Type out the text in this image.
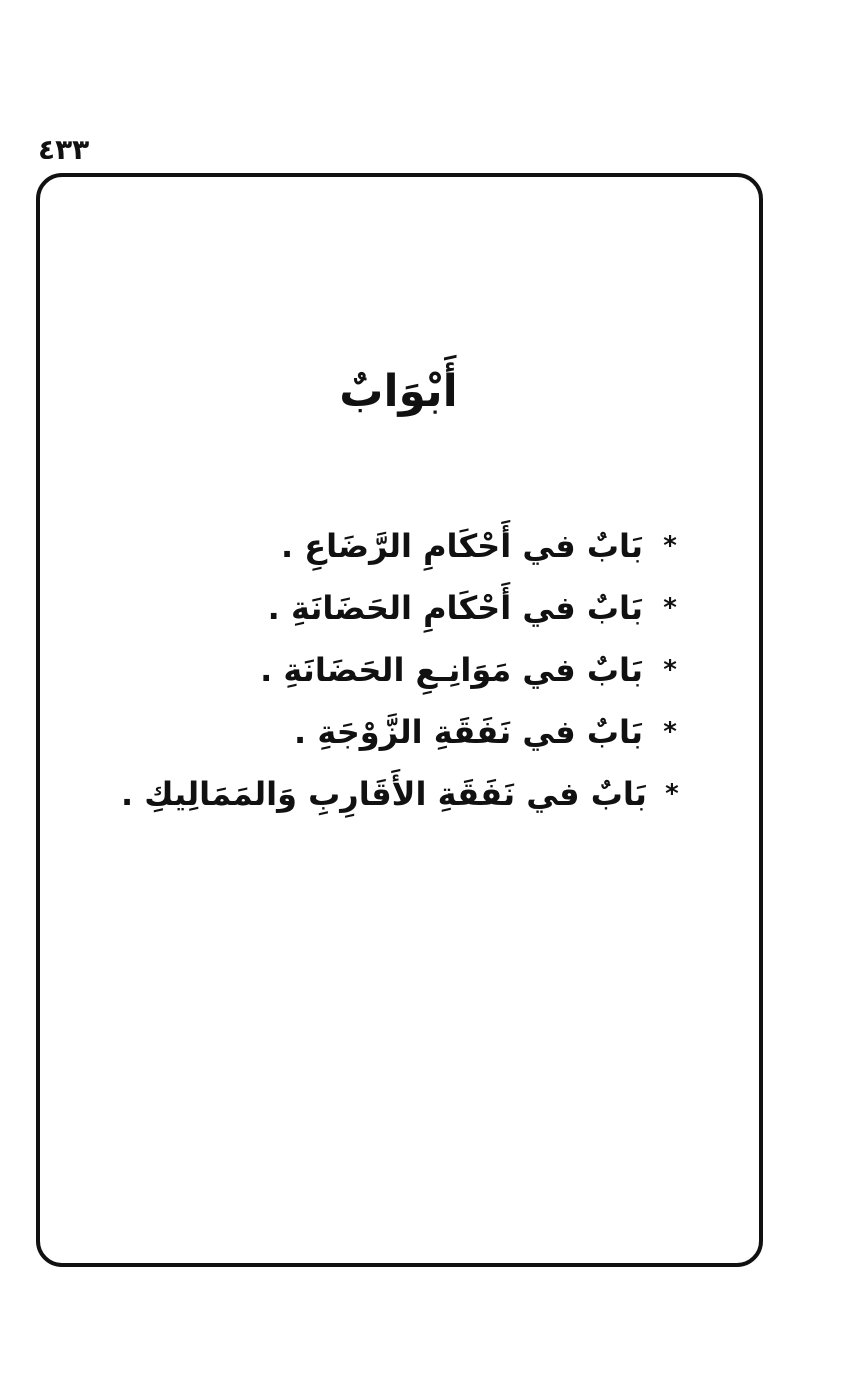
٤٣٣
أَبْوَابٌ
*
بَابٌ في أَحْكَامِ الرَّضَاعِ .
*
بَابٌ في أَحْكَامِ الحَضَانَةِ .
*
بَابٌ في مَوَانِـعِ الحَضَانَةِ .
*
بَابٌ في نَفَقَةِ الزَّوْجَةِ .
*
بَابٌ في نَفَقَةِ الأَقَارِبِ وَالمَمَالِيكِ .
